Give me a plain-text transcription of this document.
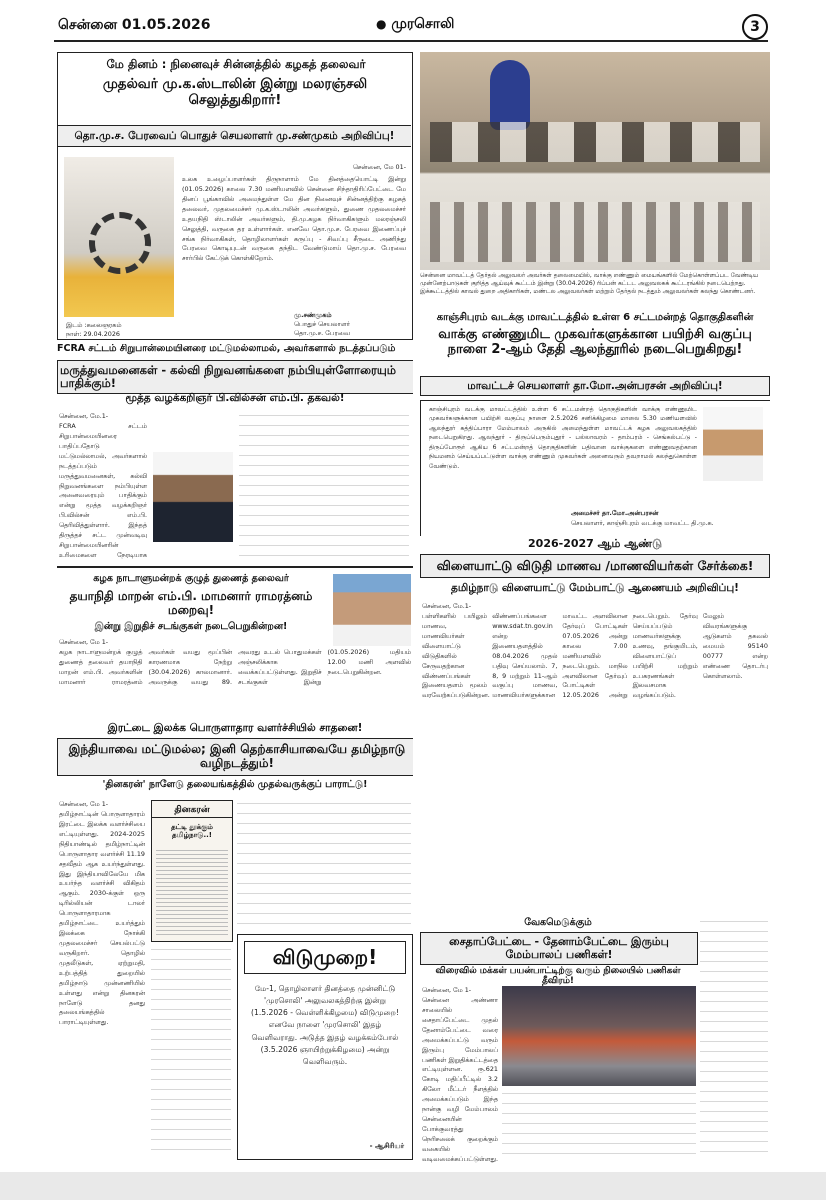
சென்னை 01.05.2026	● முரசொலி	3
மே தினம் : நினைவுச் சின்னத்தில் கழகத் தலைவர்
முதல்வர் மு.க.ஸ்டாலின் இன்று மலரஞ்சலி செலுத்துகிறார்!
தொ.மு.ச. பேரவைப் பொதுச் செயலாளர் மு.சண்முகம் அறிவிப்பு!
சென்னை, மே 01-
உலக உழைப்பாளர்கள் திருநாளாம் மே தினத்தையொட்டி இன்று (01.05.2026) காலை 7.30 மணியளவில் சென்னை சிந்தாதிரிப்பேட்டை மே தினப் பூங்காவில் அமைந்துள்ள மே தின நினைவுச் சின்னத்திற்கு கழகத் தலைவர், முதலமைச்சர் மு.க.ஸ்டாலின் அவர்களும், துணை முதலமைச்சர் உதயநிதி ஸ்டாலின் அவர்களும், தி.மு.கழக நிர்வாகிகளும் மலரஞ்சலி செலுத்தி, வருகை தர உள்ளார்கள். எனவே தொ.மு.ச. பேரவை இணைப்புச் சங்க நிர்வாகிகள், தொழிலாளர்கள் கருப்பு - சிவப்பு சீருடை அணிந்து பேரவை கொடியுடன் வருகை தந்திட வேண்டுமாய் தொ.மு.ச. பேரவை சார்பில் கேட்டுக் கொள்கிறோம்.
இடம் :கலைஞரகம்
நாள்: 29.04.2026
மு.சண்முகம்
பொதுச் செயலாளர்
தொ.மு.ச. பேரவை
சென்னை மாவட்டத் தேர்தல் அலுவலர் அவர்கள் தலைமையில், வாக்கு எண்ணும் மையங்களில் மேற்கொள்ளப்பட வேண்டிய முன்னேற்பாடுகள் குறித்த ஆய்வுக் கூட்டம் இன்று (30.04.2026) ரிப்பன் கட்டட அலுவலகக் கூட்டரங்கில் நடைபெற்றது. இக்கூட்டத்தில் காவல் துறை அதிகாரிகள், மண்டல அலுவலர்கள் மற்றும் தேர்தல் நடத்தும் அலுவலர்கள் கலந்து கொண்டனர்.
காஞ்சிபுரம் வடக்கு மாவட்டத்தில் உள்ள 6 சட்டமன்றத் தொகுதிகளின்
வாக்கு எண்ணுமிட முகவர்களுக்கான பயிற்சி வகுப்பு நாளை 2-ஆம் தேதி ஆலந்தூரில் நடைபெறுகிறது!
மாவட்டச் செயலாளர் தா.மோ.அன்பரசன் அறிவிப்பு!
காஞ்சிபுரம் வடக்கு மாவட்டத்தில் உள்ள 6 சட்டமன்றத் தொகுதிகளின் வாக்கு எண்ணுமிட முகவர்களுக்கான பயிற்சி வகுப்பு நாளை 2.5.2026 சனிக்கிழமை மாலை 5.30 மணியளவில் ஆலந்தூர் கத்திப்பாரா மேம்பாலம் அருகில் அமைந்துள்ள மாவட்டக் கழக அலுவலகத்தில் நடைபெறுகிறது. ஆலந்தூர் - திருப்பெரும்புதூர் - பல்லாவரம் - தாம்பரம் - செங்கல்பட்டு - திருப்போரூர் ஆகிய 6 சட்டமன்றத் தொகுதிகளின் பதிவான வாக்குகளை எண்ணுவதற்கான நியமனம் செய்யப்பட்டுள்ள வாக்கு எண்ணும் முகவர்கள் அனைவரும் தவறாமல் கலந்துகொள்ள வேண்டும்.
அமைச்சர் தா.மோ.அன்பரசன்
செயலாளர், காஞ்சிபுரம் வடக்கு மாவட்ட தி.மு.க.
FCRA சட்டம் சிறுபான்மையினரை மட்டுமல்லாமல், அவர்களால் நடத்தப்படும்
மருத்துவமனைகள் - கல்வி நிறுவனங்களை நம்பியுள்ளோரையும் பாதிக்கும்!
மூத்த வழக்கறிஞர் பி.வில்சன் எம்.பி. தகவல்!
சென்னை, மே.1-
FCRA சட்டம் சிறுபான்மையினரை பாதிப்பதோடு மட்டுமல்லாமல், அவர்களால் நடத்தப்படும் மருத்துவமனைகள், கல்வி நிறுவனங்களை நம்பியுள்ள அனைவரையும் பாதிக்கும் என்று மூத்த வழக்கறிஞர் பி.வில்சன் எம்.பி. தெரிவித்துள்ளார். இந்தத் திருத்தச் சட்ட முன்வடிவு சிறுபான்மையினரின் உரிமைகளை நேரடியாக
கழக நாடாளுமன்றக் குழுத் துணைத் தலைவர்
தயாநிதி மாறன் எம்.பி. மாமனார் ராமரத்னம் மறைவு!
இன்று இறுதிச் சடங்குகள் நடைபெறுகின்றன!
சென்னை, மே 1-
கழக நாடாளுமன்றக் குழுத் துணைத் தலைவர் தயாநிதி மாறன் எம்.பி. அவர்களின் மாமனார் ராமரத்னம் அவர்கள் வயது மூப்பின் காரணமாக நேற்று (30.04.2026) காலமானார். அவருக்கு வயது 89. அவரது உடல் பொதுமக்கள் அஞ்சலிக்காக வைக்கப்பட்டுள்ளது. இறுதிச் சடங்குகள் இன்று (01.05.2026) மதியம் 12.00 மணி அளவில் நடைபெறுகின்றன.
இரட்டை இலக்க பொருளாதார வளர்ச்சியில் சாதனை!
இந்தியாவை மட்டுமல்ல; இனி தெற்காசியாவையே தமிழ்நாடு வழிநடத்தும்!
'தினகரன்' நாளேடு தலையங்கத்தில் முதல்வருக்குப் பாராட்டு!
சென்னை, மே 1-
தமிழ்நாட்டின் பொருளாதாரம் இரட்டை இலக்க வளர்ச்சியை எட்டியுள்ளது. 2024-2025 நிதியாண்டில் தமிழ்நாட்டின் பொருளாதார வளர்ச்சி 11.19 சதவீதம் ஆக உயர்ந்துள்ளது. இது இந்தியாவிலேயே மிக உயர்ந்த வளர்ச்சி விகிதம் ஆகும். 2030-க்குள் ஒரு டிரில்லியன் டாலர் பொருளாதாரமாக தமிழ்நாட்டை உயர்த்தும் இலக்கை நோக்கி முதலமைச்சர் செயல்பட்டு வருகிறார். தொழில் முதலீடுகள், ஏற்றுமதி, உற்பத்தித் துறையில் தமிழ்நாடு முன்னணியில் உள்ளது என்று தினகரன் நாளேடு தனது தலையங்கத்தில் பாராட்டியுள்ளது.
தினகரன்
தட்டி தூக்கும் தமிழ்நாடு..!
விடுமுறை!
மே-1, தொழிலாளர் தினத்தை முன்னிட்டு 'முரசொலி' அலுவலகத்திற்கு இன்று (1.5.2026 - வெள்ளிக்கிழமை) விடுமுறை! எனவே நாளை 'முரசொலி' இதழ் வெளிவராது. அடுத்த இதழ் வழக்கம்போல் (3.5.2026 ஞாயிற்றுக்கிழமை) அன்று வெளிவரும்.
- ஆசிரியர்
2026-2027 ஆம் ஆண்டு
விளையாட்டு விடுதி மாணவ /மாணவியர்கள் சேர்க்கை!
தமிழ்நாடு விளையாட்டு மேம்பாட்டு ஆணையம் அறிவிப்பு!
சென்னை, மே.1-
பள்ளிகளில் பயிலும் மாணவ, மாணவியர்கள் விளையாட்டு விடுதிகளில் சேருவதற்கான விண்ணப்பங்கள் இணையதளம் மூலம் வரவேற்கப்படுகின்றன. விண்ணப்பங்களை www.sdat.tn.gov.in என்ற இணையதளத்தில் 08.04.2026 முதல் பதிவு செய்யலாம். 7, 8, 9 மற்றும் 11-ஆம் வகுப்பு மாணவ, மாணவியர்களுக்கான மாவட்ட அளவிலான தேர்வுப் போட்டிகள் 07.05.2026 அன்று காலை 7.00 மணியளவில் நடைபெறும். மாநில அளவிலான தேர்வுப் போட்டிகள் 12.05.2026 அன்று நடைபெறும். தேர்வு செய்யப்படும் மாணவர்களுக்கு உணவு, தங்குமிடம், விளையாட்டுப் பயிற்சி மற்றும் உபகரணங்கள் இலவசமாக வழங்கப்படும். மேலும் விவரங்களுக்கு ஆடுகளம் தகவல் மையம் 95140 00777 என்ற எண்ணை தொடர்பு கொள்ளலாம்.
வேகமெடுக்கும்
சைதாப்பேட்டை - தேனாம்பேட்டை இரும்பு மேம்பாலப் பணிகள்!
விரைவில் மக்கள் பயன்பாட்டிற்கு வரும் நிலையில் பணிகள் தீவிரம்!
சென்னை, மே 1-
சென்னை அண்ணா சாலையில் சைதாப்பேட்டை முதல் தேனாம்பேட்டை வரை அமைக்கப்பட்டு வரும் இரும்பு மேம்பாலப் பணிகள் இறுதிக்கட்டத்தை எட்டியுள்ளன. ரூ.621 கோடி மதிப்பீட்டில் 3.2 கிலோ மீட்டர் நீளத்தில் அமைக்கப்படும் இந்த நான்கு வழி மேம்பாலம் சென்னையின் போக்குவரத்து நெரிசலைக் குறைக்கும் வகையில் வடிவமைக்கப்பட்டுள்ளது.
